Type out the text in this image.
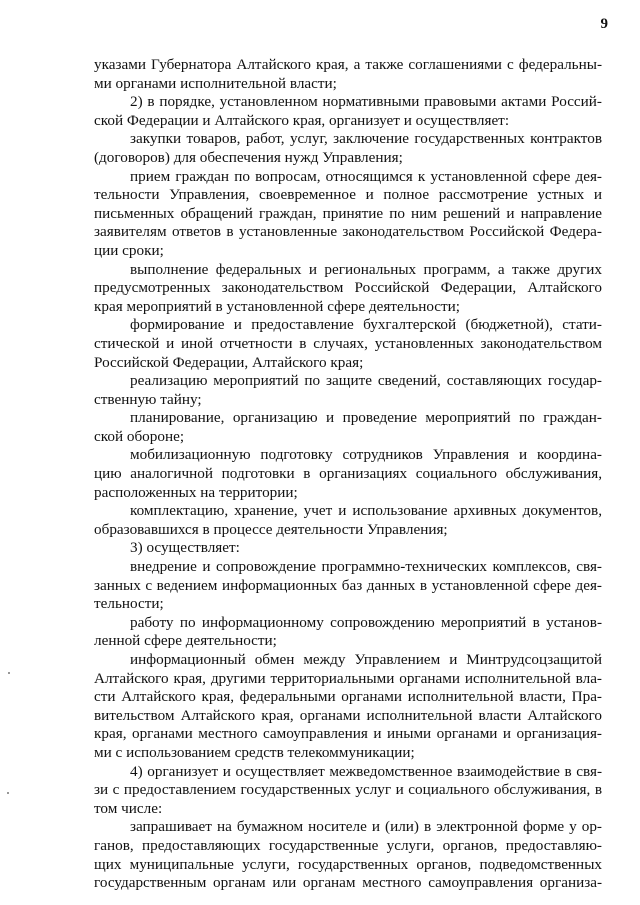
9
указами Губернатора Алтайского края, а также соглашениями с федеральны-
ми органами исполнительной власти;
2) в порядке, установленном нормативными правовыми актами Россий-
ской Федерации и Алтайского края, организует и осуществляет:
закупки товаров, работ, услуг, заключение государственных контрактов
(договоров) для обеспечения нужд Управления;
прием граждан по вопросам, относящимся к установленной сфере дея-
тельности Управления, своевременное и полное рассмотрение устных и
письменных обращений граждан, принятие по ним решений и направление
заявителям ответов в установленные законодательством Российской Федера-
ции сроки;
выполнение федеральных и региональных программ, а также других
предусмотренных законодательством Российской Федерации, Алтайского
края мероприятий в установленной сфере деятельности;
формирование и предоставление бухгалтерской (бюджетной), стати-
стической и иной отчетности в случаях, установленных законодательством
Российской Федерации, Алтайского края;
реализацию мероприятий по защите сведений, составляющих государ-
ственную тайну;
планирование, организацию и проведение мероприятий по граждан-
ской обороне;
мобилизационную подготовку сотрудников Управления и координа-
цию аналогичной подготовки в организациях социального обслуживания,
расположенных на территории;
комплектацию, хранение, учет и использование архивных документов,
образовавшихся в процессе деятельности Управления;
3) осуществляет:
внедрение и сопровождение программно-технических комплексов, свя-
занных с ведением информационных баз данных в установленной сфере дея-
тельности;
работу по информационному сопровождению мероприятий в установ-
ленной сфере деятельности;
информационный обмен между Управлением и Минтрудсоцзащитой
Алтайского края, другими территориальными органами исполнительной вла-
сти Алтайского края, федеральными органами исполнительной власти, Пра-
вительством Алтайского края, органами исполнительной власти Алтайского
края, органами местного самоуправления и иными органами и организация-
ми с использованием средств телекоммуникации;
4) организует и осуществляет межведомственное взаимодействие в свя-
зи с предоставлением государственных услуг и социального обслуживания, в
том числе:
запрашивает на бумажном носителе и (или) в электронной форме у ор-
ганов, предоставляющих государственные услуги, органов, предоставляю-
щих муниципальные услуги, государственных органов, подведомственных
государственным органам или органам местного самоуправления организа-
